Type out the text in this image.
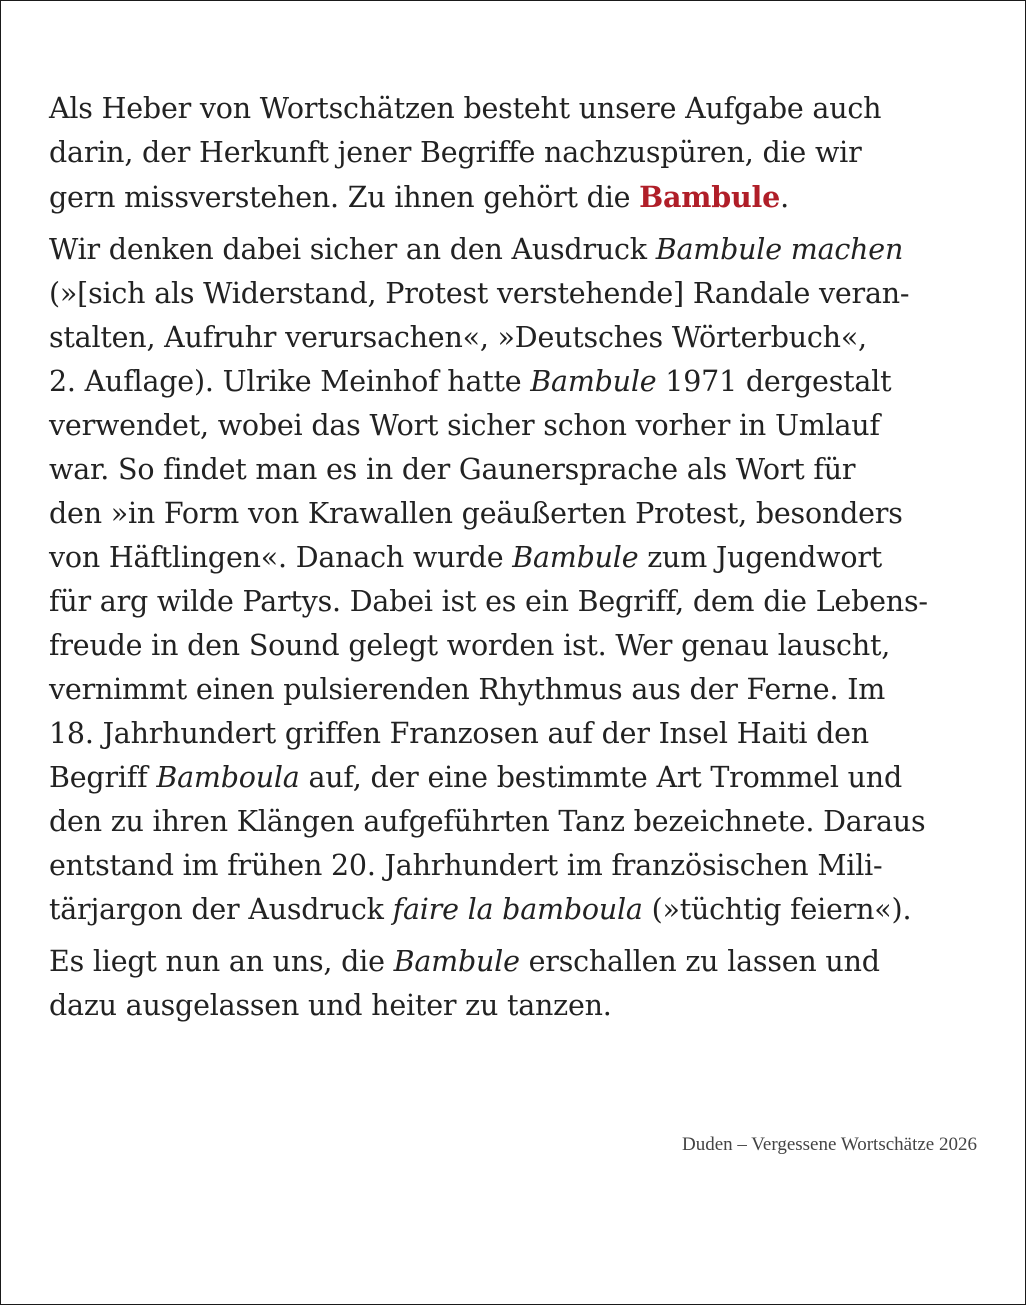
Als Heber von Wortschätzen besteht unsere Aufgabe auch
darin, der Herkunft jener Begriffe nachzuspüren, die wir
gern missverstehen. Zu ihnen gehört die Bambule.
Wir denken dabei sicher an den Ausdruck Bambule machen
(»[sich als Widerstand, Protest verstehende] Randale veran-
stalten, Aufruhr verursachen«, »Deutsches Wörterbuch«,
2. Auflage). Ulrike Meinhof hatte Bambule 1971 dergestalt
verwendet, wobei das Wort sicher schon vorher in Umlauf
war. So findet man es in der Gaunersprache als Wort für
den »in Form von Krawallen geäußerten Protest, besonders
von Häftlingen«. Danach wurde Bambule zum Jugendwort
für arg wilde Partys. Dabei ist es ein Begriff, dem die Lebens-
freude in den Sound gelegt worden ist. Wer genau lauscht,
vernimmt einen pulsierenden Rhythmus aus der Ferne. Im
18. Jahrhundert griffen Franzosen auf der Insel Haiti den
Begriff Bamboula auf, der eine bestimmte Art Trommel und
den zu ihren Klängen aufgeführten Tanz bezeichnete. Daraus
entstand im frühen 20. Jahrhundert im französischen Mili-
tärjargon der Ausdruck faire la bamboula (»tüchtig feiern«).
Es liegt nun an uns, die Bambule erschallen zu lassen und
dazu ausgelassen und heiter zu tanzen.
Duden – Vergessene Wortschätze 2026
